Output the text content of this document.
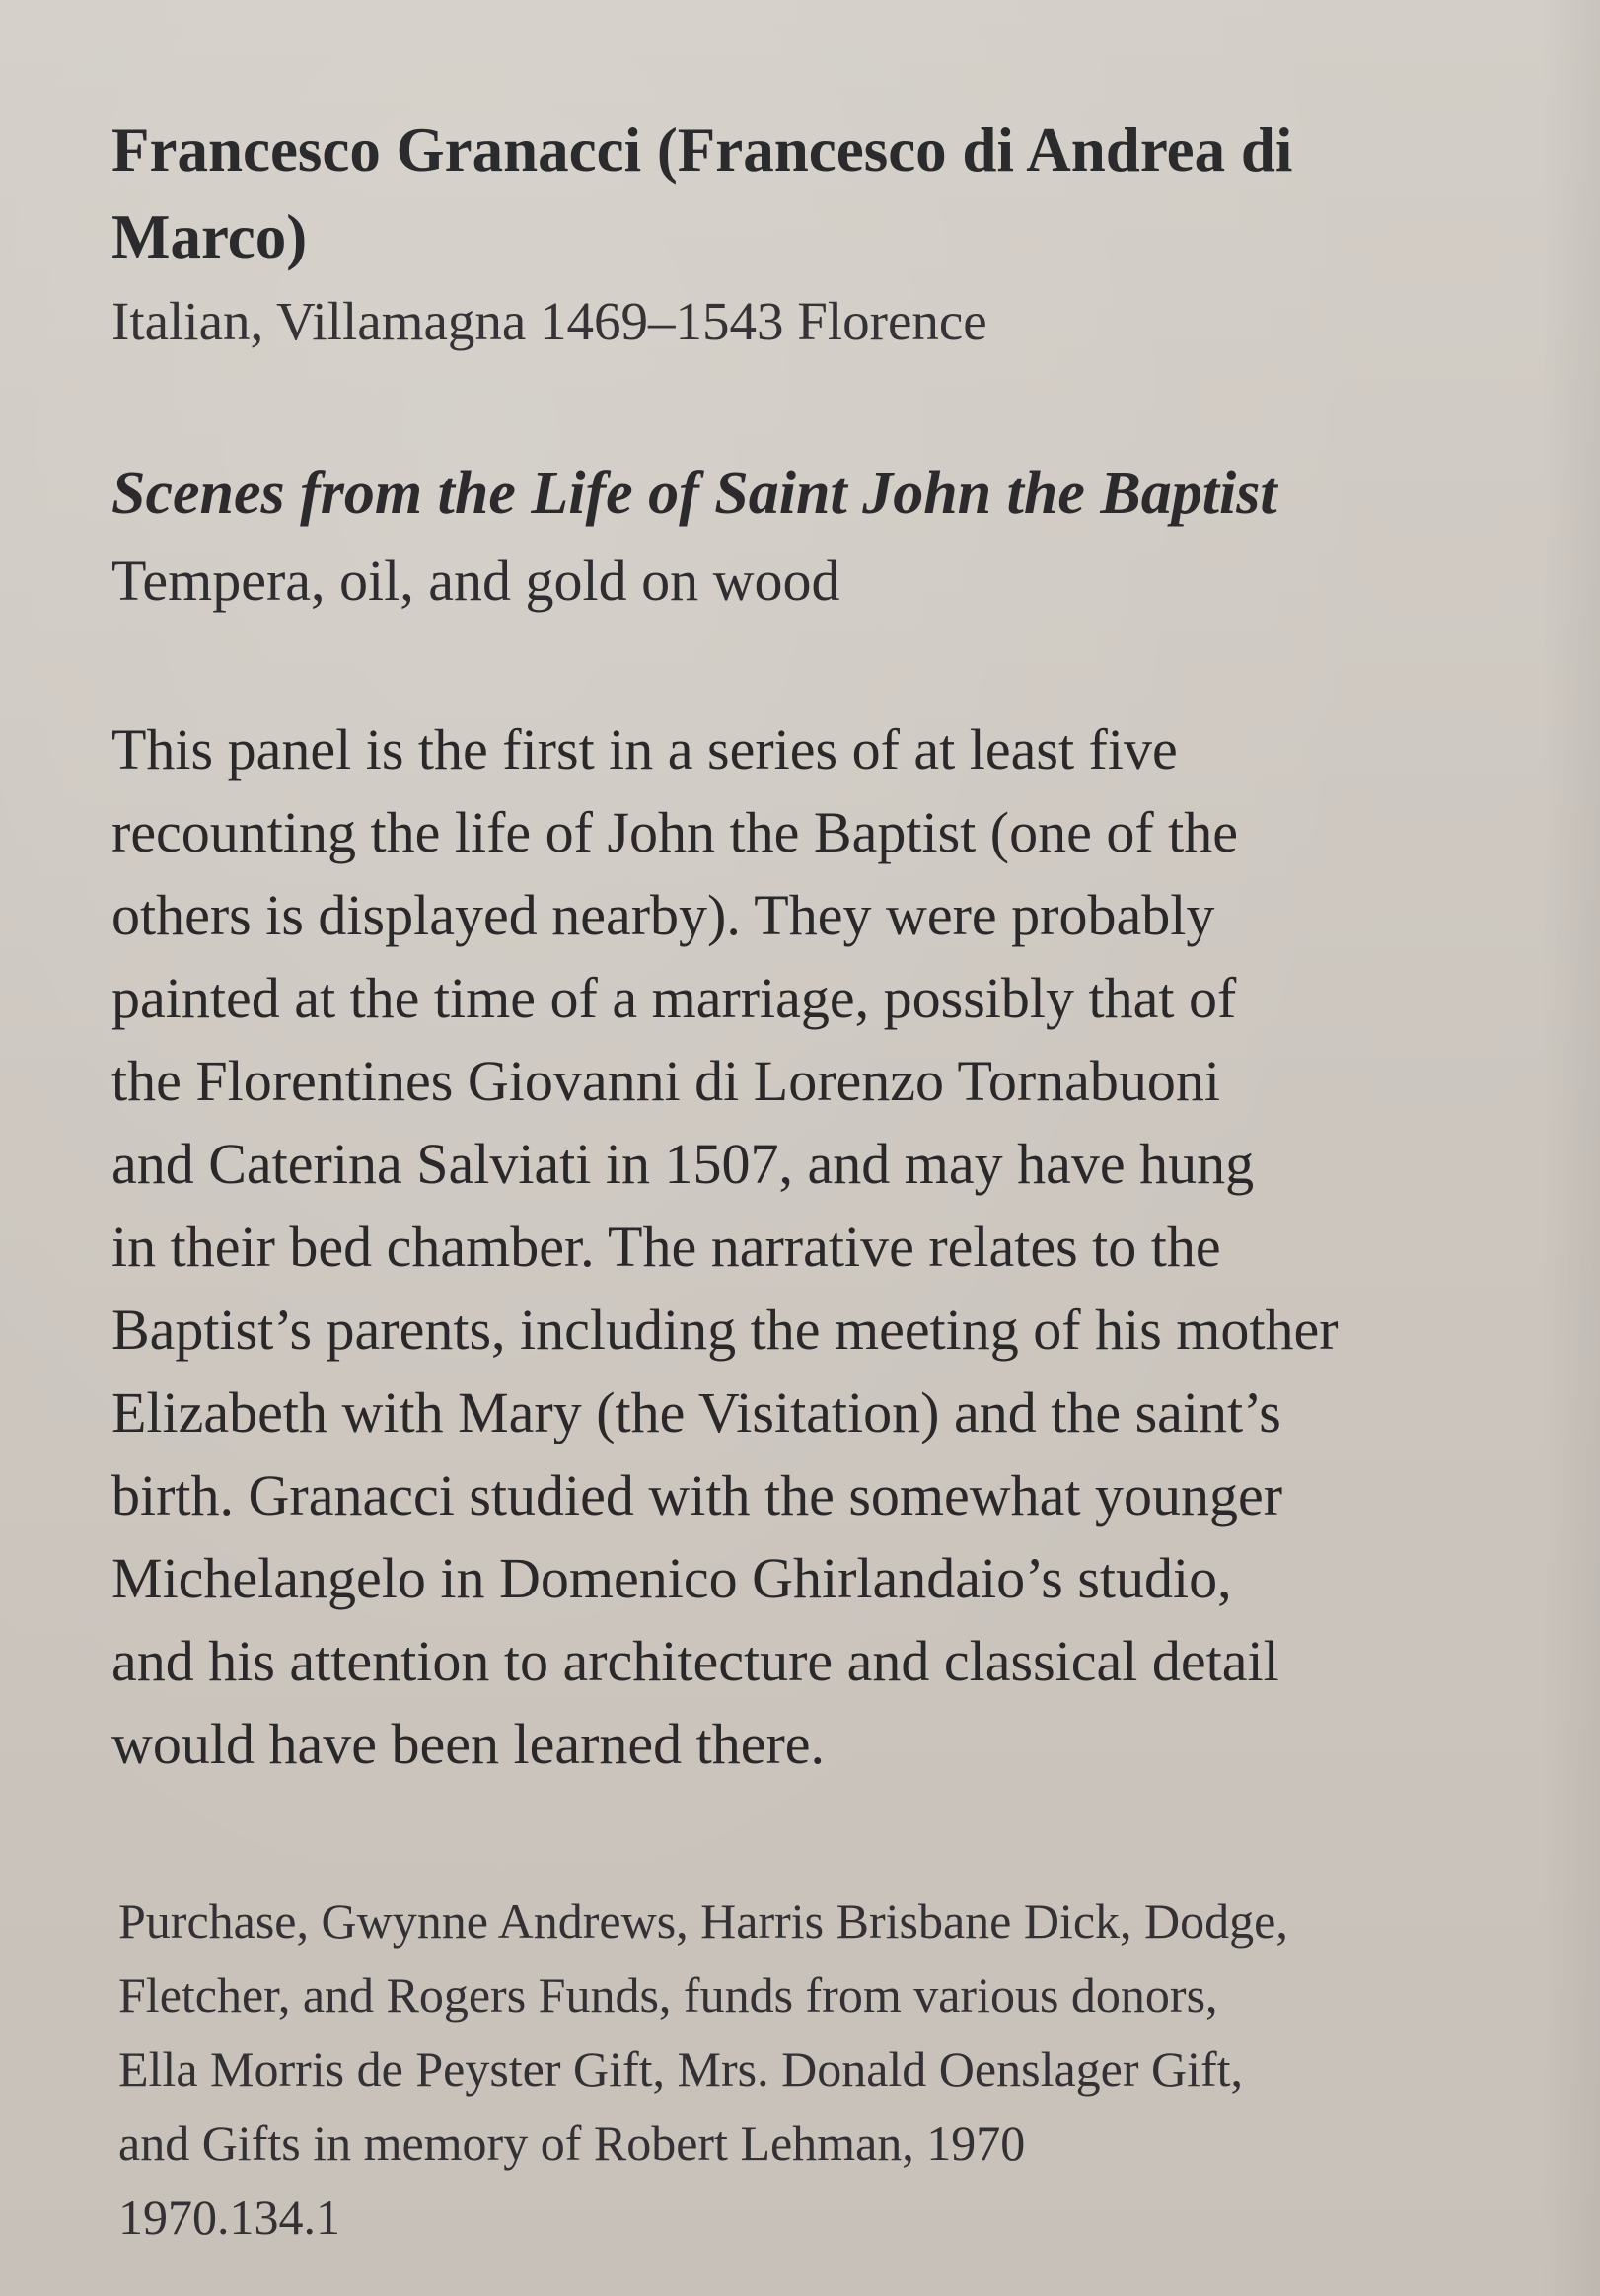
Francesco Granacci (Francesco di Andrea di Marco)

Italian, Villamagna 1469–1543 Florence

Scenes from the Life of Saint John the Baptist

Tempera, oil, and gold on wood

This panel is the first in a series of at least five
recounting the life of John the Baptist (one of the
others is displayed nearby). They were probably
painted at the time of a marriage, possibly that of
the Florentines Giovanni di Lorenzo Tornabuoni
and Caterina Salviati in 1507, and may have hung
in their bed chamber. The narrative relates to the
Baptist’s parents, including the meeting of his mother
Elizabeth with Mary (the Visitation) and the saint’s
birth. Granacci studied with the somewhat younger
Michelangelo in Domenico Ghirlandaio’s studio,
and his attention to architecture and classical detail
would have been learned there.
Purchase, Gwynne Andrews, Harris Brisbane Dick, Dodge,
Fletcher, and Rogers Funds, funds from various donors,
Ella Morris de Peyster Gift, Mrs. Donald Oenslager Gift,
and Gifts in memory of Robert Lehman, 1970
1970.134.1
